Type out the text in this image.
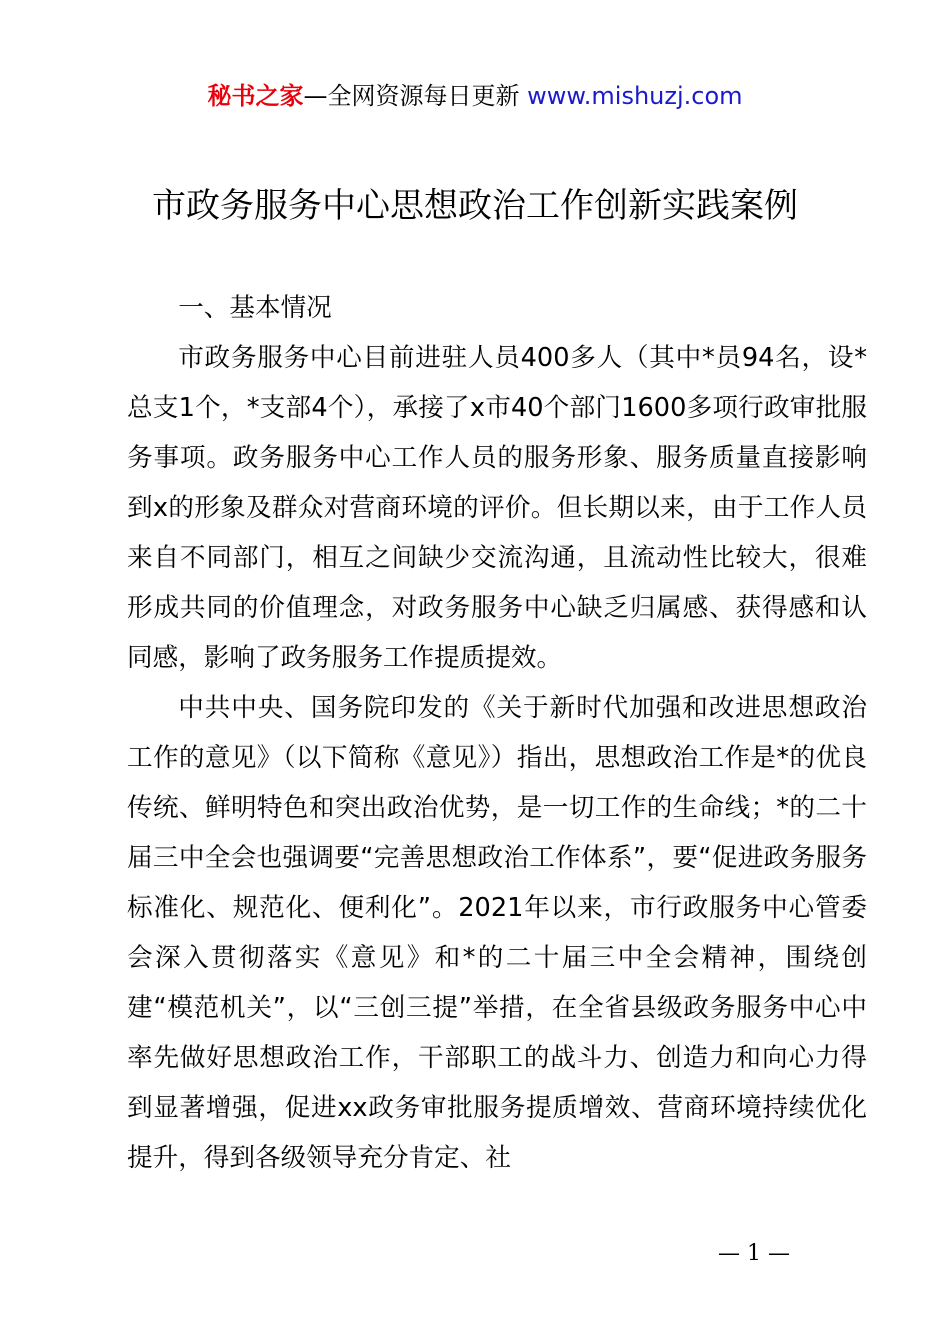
秘书之家—全网资源每日更新 www.mishuzj.com
市政务服务中心思想政治工作创新实践案例

一、基本情况

市政务服务中心目前进驻人员400多人（其中*员94名，设*总支1个，*支部4个），承接了x市40个部门1600多项行政审批服务事项。政务服务中心工作人员的服务形象、服务质量直接影响到x的形象及群众对营商环境的评价。但长期以来，由于工作人员来自不同部门，相互之间缺少交流沟通，且流动性比较大，很难形成共同的价值理念，对政务服务中心缺乏归属感、获得感和认同感，影响了政务服务工作提质提效。

中共中央、国务院印发的《关于新时代加强和改进思想政治工作的意见》（以下简称《意见》）指出，思想政治工作是*的优良传统、鲜明特色和突出政治优势，是一切工作的生命线；*的二十届三中全会也强调要“完善思想政治工作体系”，要“促进政务服务标准化、规范化、便利化”。2021年以来，市行政服务中心管委会深入贯彻落实《意见》和*的二十届三中全会精神，围绕创建“模范机关”，以“三创三提”举措，在全省县级政务服务中心中率先做好思想政治工作，干部职工的战斗力、创造力和向心力得到显著增强，促进xx政务审批服务提质增效、营商环境持续优化提升，得到各级领导充分肯定、社

— 1 —
